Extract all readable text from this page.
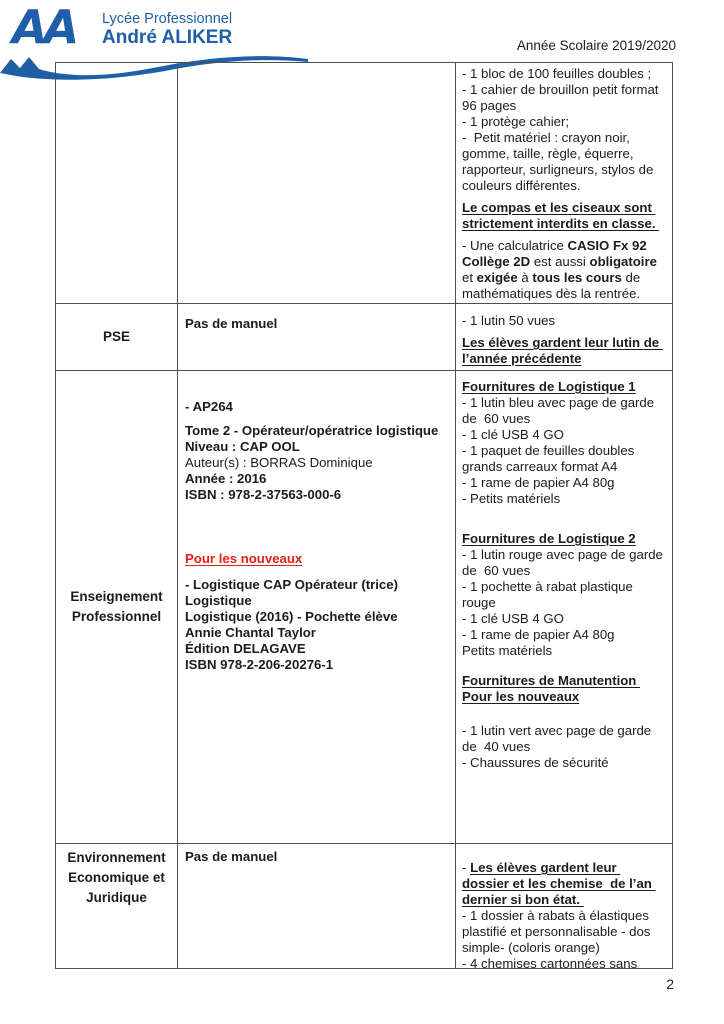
AA Lycée Professionnel
André ALIKER	Année Scolaire 2019/2020
- 1 bloc de 100 feuilles doubles ;
- 1 cahier de brouillon petit format 96 pages
- 1 protège cahier;
-  Petit matériel : crayon noir, gomme, taille, règle, équerre, rapporteur, surligneurs, stylos de couleurs différentes.
Le compas et les ciseaux sont strictement interdits en classe.
- Une calculatrice CASIO Fx 92 Collège 2D est aussi obligatoire et exigée à tous les cours de mathématiques dès la rentrée.
PSE
Pas de manuel	- 1 lutin 50 vues
Les élèves gardent leur lutin de l’année précédente
Enseignement Professionnel
- AP264
Tome 2 - Opérateur/opératrice logistique
Niveau : CAP OOL
Auteur(s) : BORRAS Dominique
Année : 2016
ISBN : 978-2-37563-000-6
Pour les nouveaux
- Logistique CAP Opérateur (trice) Logistique
Logistique (2016) - Pochette élève
Annie Chantal Taylor
Édition DELAGAVE
ISBN 978-2-206-20276-1
Fournitures de Logistique 1
- 1 lutin bleu avec page de garde de  60 vues
- 1 clé USB 4 GO
- 1 paquet de feuilles doubles grands carreaux format A4
- 1 rame de papier A4 80g
- Petits matériels
Fournitures de Logistique 2
- 1 lutin rouge avec page de garde de  60 vues
- 1 pochette à rabat plastique rouge
- 1 clé USB 4 GO
- 1 rame de papier A4 80g
Petits matériels
Fournitures de Manutention
Pour les nouveaux
- 1 lutin vert avec page de garde de  40 vues
- Chaussures de sécurité
Environnement Economique et Juridique
Pas de manuel
- Les élèves gardent leur dossier et les chemise  de l’an dernier si bon état.
- 1 dossier à rabats à élastiques plastifié et personnalisable - dos simple- (coloris orange)
- 4 chemises cartonnées sans
2
